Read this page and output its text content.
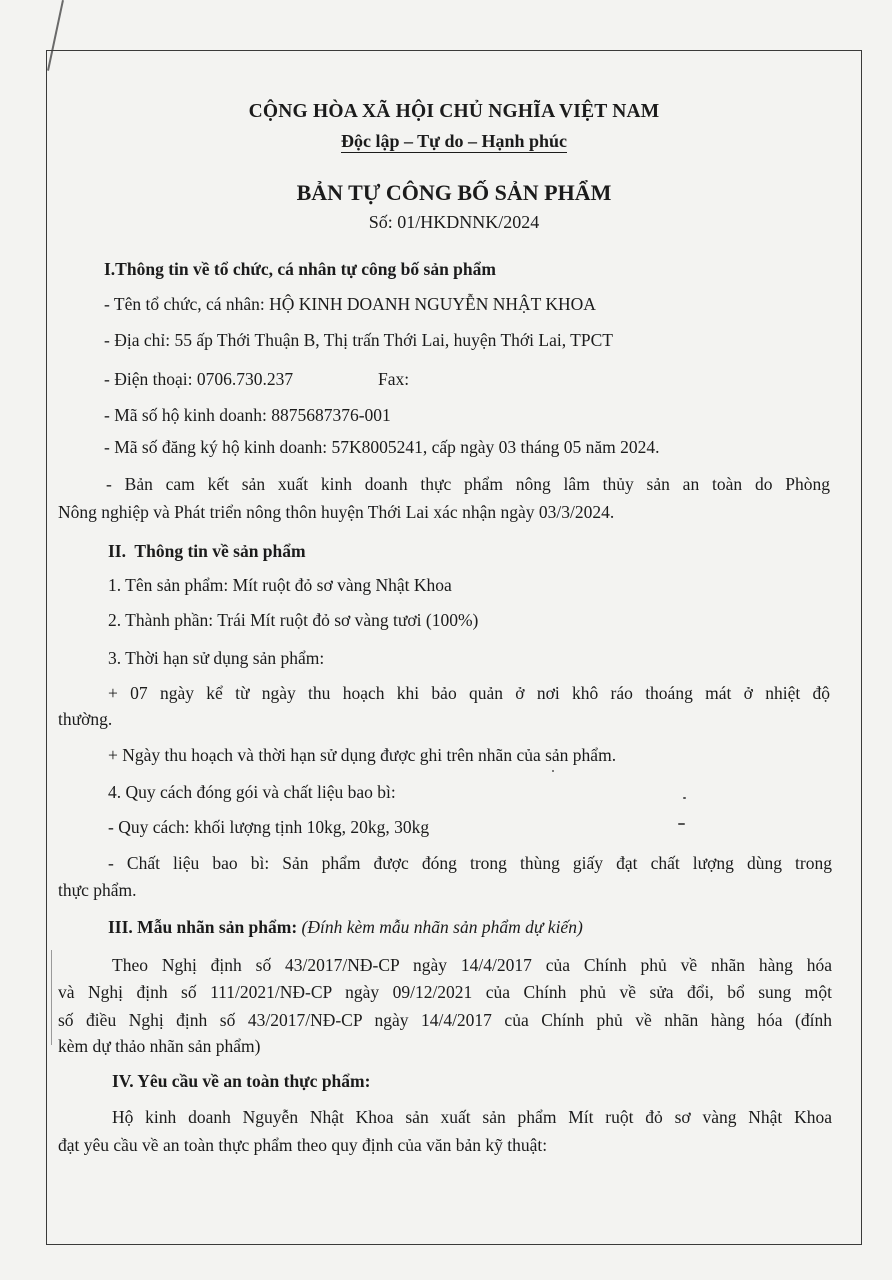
CỘNG HÒA XÃ HỘI CHỦ NGHĨA VIỆT NAM
Độc lập – Tự do – Hạnh phúc
BẢN TỰ CÔNG BỐ SẢN PHẨM
Số: 01/HKDNNK/2024
I.Thông tin về tổ chức, cá nhân tự công bố sản phẩm
- Tên tổ chức, cá nhân: HỘ KINH DOANH NGUYỄN NHẬT KHOA
- Địa chỉ: 55 ấp Thới Thuận B, Thị trấn Thới Lai, huyện Thới Lai, TPCT
- Điện thoại: 0706.730.237	Fax:
- Mã số hộ kinh doanh: 8875687376-001
- Mã số đăng ký hộ kinh doanh: 57K8005241, cấp ngày 03 tháng 05 năm 2024.
- Bản cam kết sản xuất kinh doanh thực phẩm nông lâm thủy sản an toàn do Phòng
Nông nghiệp và Phát triển nông thôn huyện Thới Lai xác nhận ngày 03/3/2024.
II.  Thông tin về sản phẩm
1. Tên sản phẩm: Mít ruột đỏ sơ vàng Nhật Khoa
2. Thành phần: Trái Mít ruột đỏ sơ vàng tươi (100%)
3. Thời hạn sử dụng sản phẩm:
+ 07 ngày kể từ ngày thu hoạch khi bảo quản ở nơi khô ráo thoáng mát ở nhiệt độ
thường.
+ Ngày thu hoạch và thời hạn sử dụng được ghi trên nhãn của sản phẩm.
4. Quy cách đóng gói và chất liệu bao bì:
- Quy cách: khối lượng tịnh 10kg, 20kg, 30kg
- Chất liệu bao bì: Sản phẩm được đóng trong thùng giấy đạt chất lượng dùng trong
thực phẩm.
III. Mẫu nhãn sản phẩm: (Đính kèm mẫu nhãn sản phẩm dự kiến)
Theo Nghị định số 43/2017/NĐ-CP ngày 14/4/2017 của Chính phủ về nhãn hàng hóa
và Nghị định số 111/2021/NĐ-CP ngày 09/12/2021 của Chính phủ về sửa đổi, bổ sung một
số điều Nghị định số 43/2017/NĐ-CP ngày 14/4/2017 của Chính phủ về nhãn hàng hóa (đính
kèm dự thảo nhãn sản phẩm)
IV. Yêu cầu về an toàn thực phẩm:
Hộ kinh doanh Nguyễn Nhật Khoa sản xuất sản phẩm Mít ruột đỏ sơ vàng Nhật Khoa
đạt yêu cầu về an toàn thực phẩm theo quy định của văn bản kỹ thuật:
